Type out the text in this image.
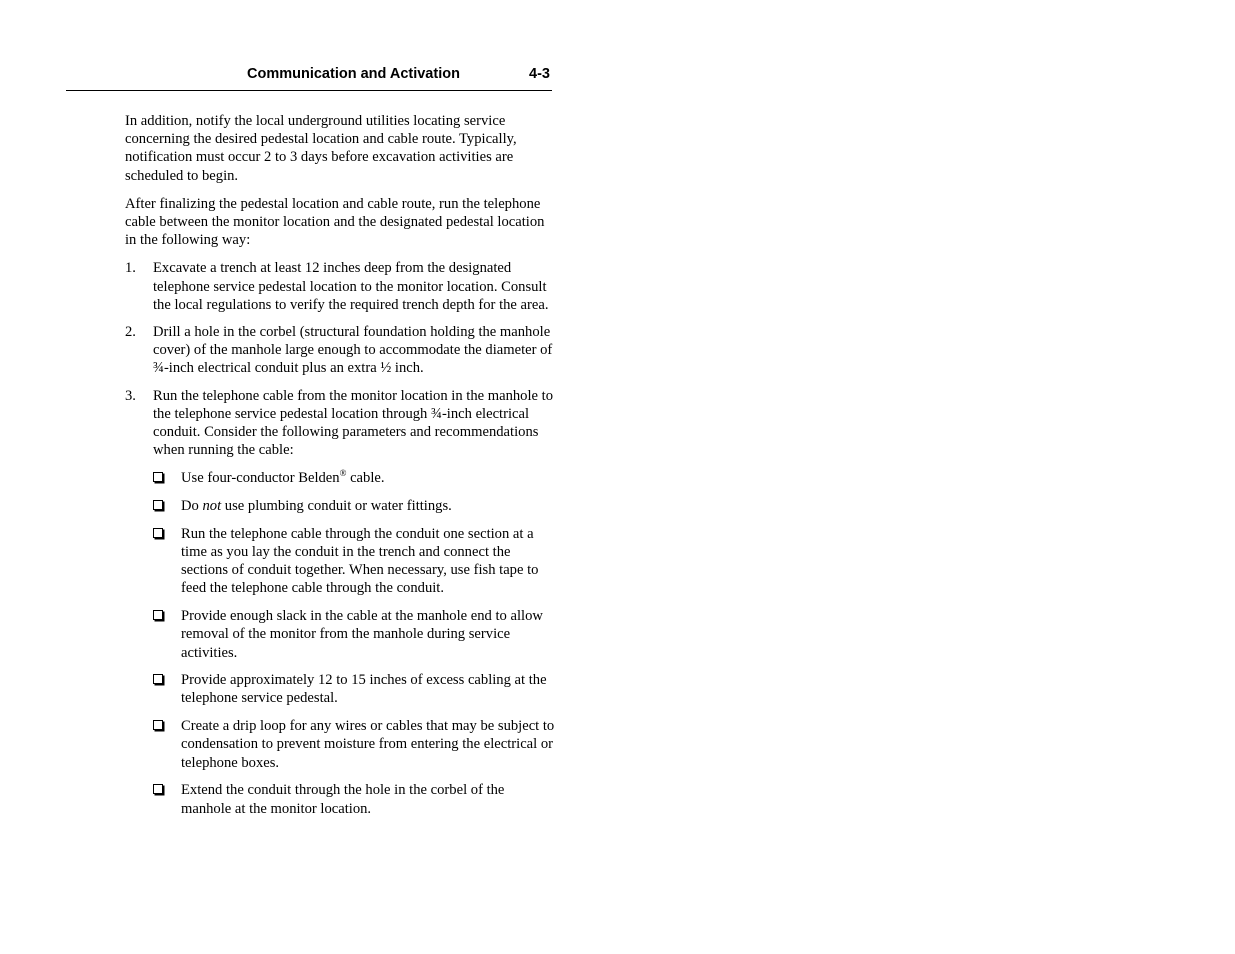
Communication and Activation	4-3

In addition, notify the local underground utilities locating service concerning the desired pedestal location and cable route. Typically, notification must occur 2 to 3 days before excavation activities are scheduled to begin.

After finalizing the pedestal location and cable route, run the telephone cable between the monitor location and the designated pedestal location in the following way:

1. Excavate a trench at least 12 inches deep from the designated telephone service pedestal location to the monitor location. Consult the local regulations to verify the required trench depth for the area.
2. Drill a hole in the corbel (structural foundation holding the manhole cover) of the manhole large enough to accommodate the diameter of ¾-inch electrical conduit plus an extra ½ inch.
3. Run the telephone cable from the monitor location in the manhole to the telephone service pedestal location through ¾-inch electrical conduit. Consider the following parameters and recommendations when running the cable:
Use four-conductor Belden® cable.
Do not use plumbing conduit or water fittings.
Run the telephone cable through the conduit one section at a time as you lay the conduit in the trench and connect the sections of conduit together. When necessary, use fish tape to feed the telephone cable through the conduit.
Provide enough slack in the cable at the manhole end to allow removal of the monitor from the manhole during service activities.
Provide approximately 12 to 15 inches of excess cabling at the telephone service pedestal.
Create a drip loop for any wires or cables that may be subject to condensation to prevent moisture from entering the electrical or telephone boxes.
Extend the conduit through the hole in the corbel of the manhole at the monitor location.
